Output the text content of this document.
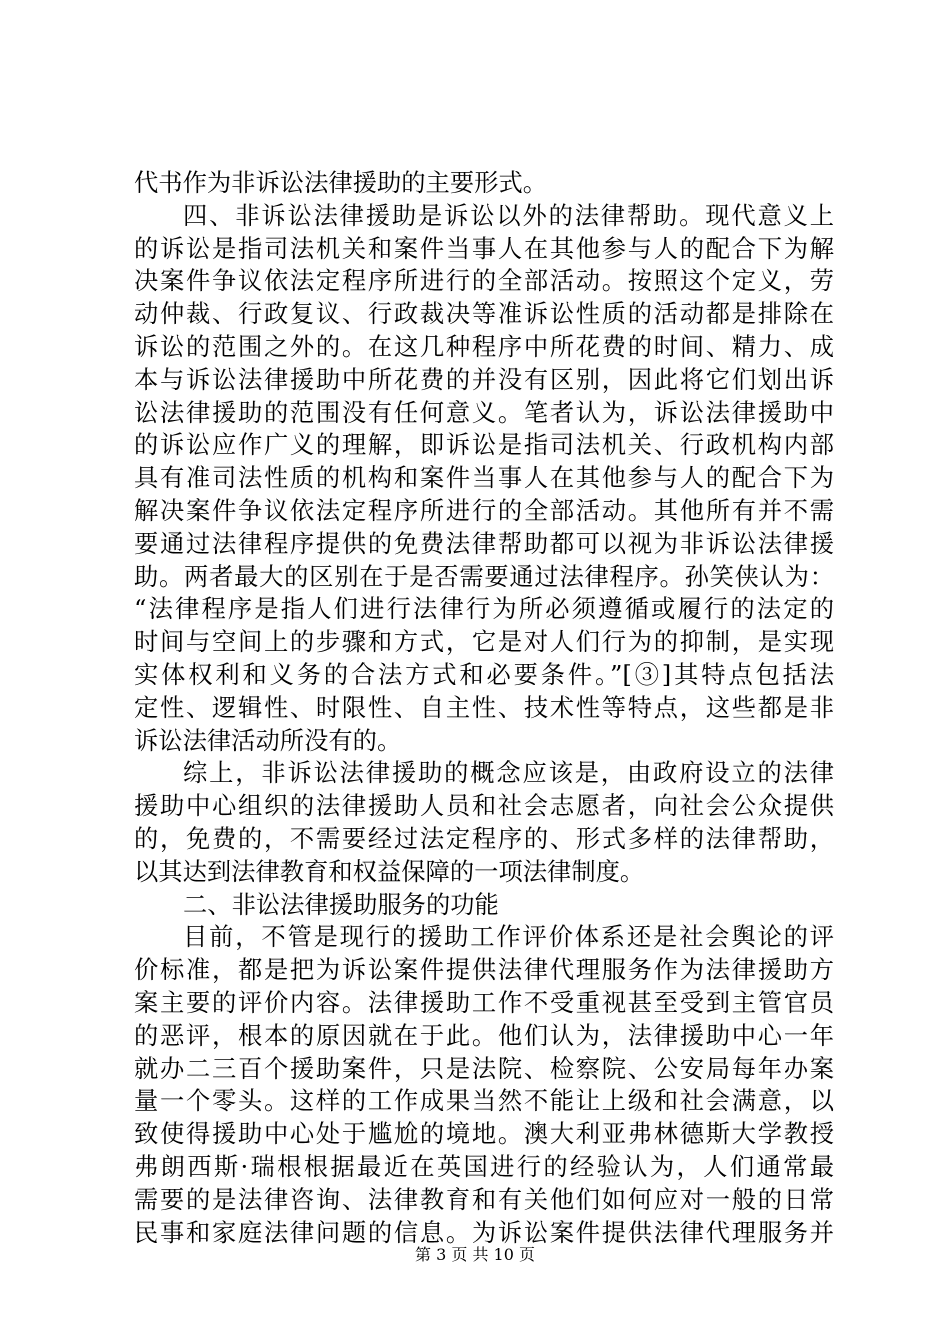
代书作为非诉讼法律援助的主要形式。
四、非诉讼法律援助是诉讼以外的法律帮助。现代意义上
的诉讼是指司法机关和案件当事人在其他参与人的配合下为解
决案件争议依法定程序所进行的全部活动。按照这个定义，劳
动仲裁、行政复议、行政裁决等准诉讼性质的活动都是排除在
诉讼的范围之外的。在这几种程序中所花费的时间、精力、成
本与诉讼法律援助中所花费的并没有区别，因此将它们划出诉
讼法律援助的范围没有任何意义。笔者认为，诉讼法律援助中
的诉讼应作广义的理解，即诉讼是指司法机关、行政机构内部
具有准司法性质的机构和案件当事人在其他参与人的配合下为
解决案件争议依法定程序所进行的全部活动。其他所有并不需
要通过法律程序提供的免费法律帮助都可以视为非诉讼法律援
助。两者最大的区别在于是否需要通过法律程序。孙笑侠认为：
“法律程序是指人们进行法律行为所必须遵循或履行的法定的
时间与空间上的步骤和方式，它是对人们行为的抑制，是实现
实体权利和义务的合法方式和必要条件。”[③]其特点包括法
定性、逻辑性、时限性、自主性、技术性等特点，这些都是非
诉讼法律活动所没有的。
综上，非诉讼法律援助的概念应该是，由政府设立的法律
援助中心组织的法律援助人员和社会志愿者，向社会公众提供
的，免费的，不需要经过法定程序的、形式多样的法律帮助，
以其达到法律教育和权益保障的一项法律制度。
二、非讼法律援助服务的功能
目前，不管是现行的援助工作评价体系还是社会舆论的评
价标准，都是把为诉讼案件提供法律代理服务作为法律援助方
案主要的评价内容。法律援助工作不受重视甚至受到主管官员
的恶评，根本的原因就在于此。他们认为，法律援助中心一年
就办二三百个援助案件，只是法院、检察院、公安局每年办案
量一个零头。这样的工作成果当然不能让上级和社会满意，以
致使得援助中心处于尴尬的境地。澳大利亚弗林德斯大学教授
弗朗西斯·瑞根根据最近在英国进行的经验认为，人们通常最
需要的是法律咨询、法律教育和有关他们如何应对一般的日常
民事和家庭法律问题的信息。为诉讼案件提供法律代理服务并
第 3 页 共 10 页
